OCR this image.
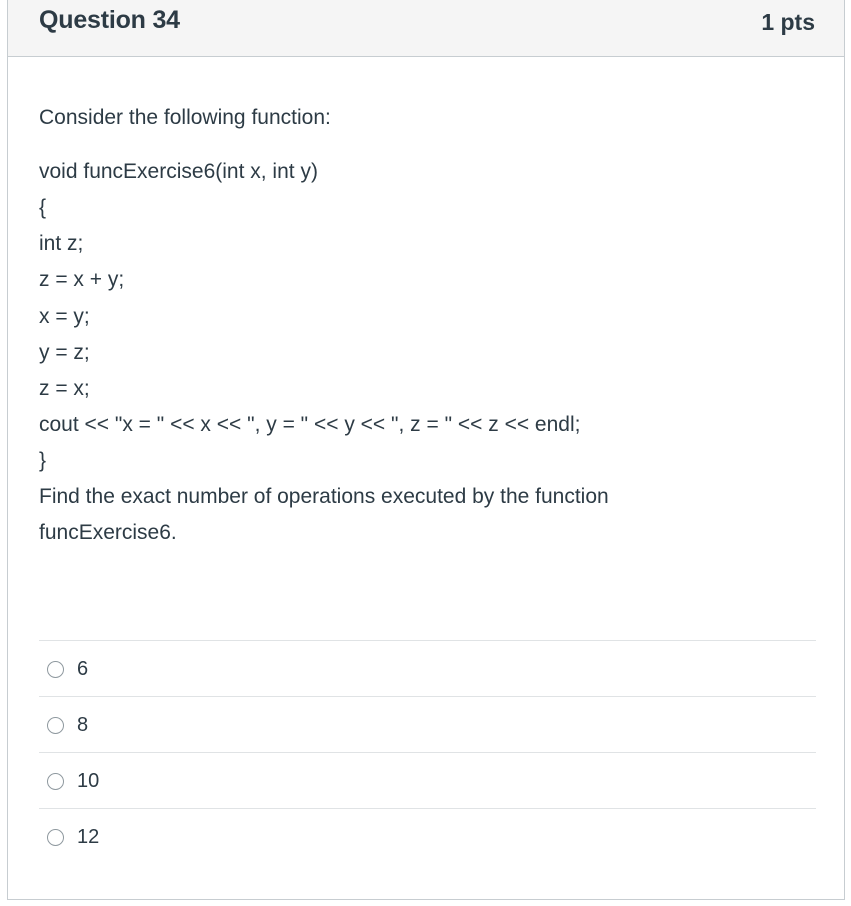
Question 34	1 pts
Consider the following function:
void funcExercise6(int x, int y)
{
int z;
z = x + y;
x = y;
y = z;
z = x;
cout << "x = " << x << ", y = " << y << ", z = " << z << endl;
}
Find the exact number of operations executed by the function
funcExercise6.
6
8
10
12
